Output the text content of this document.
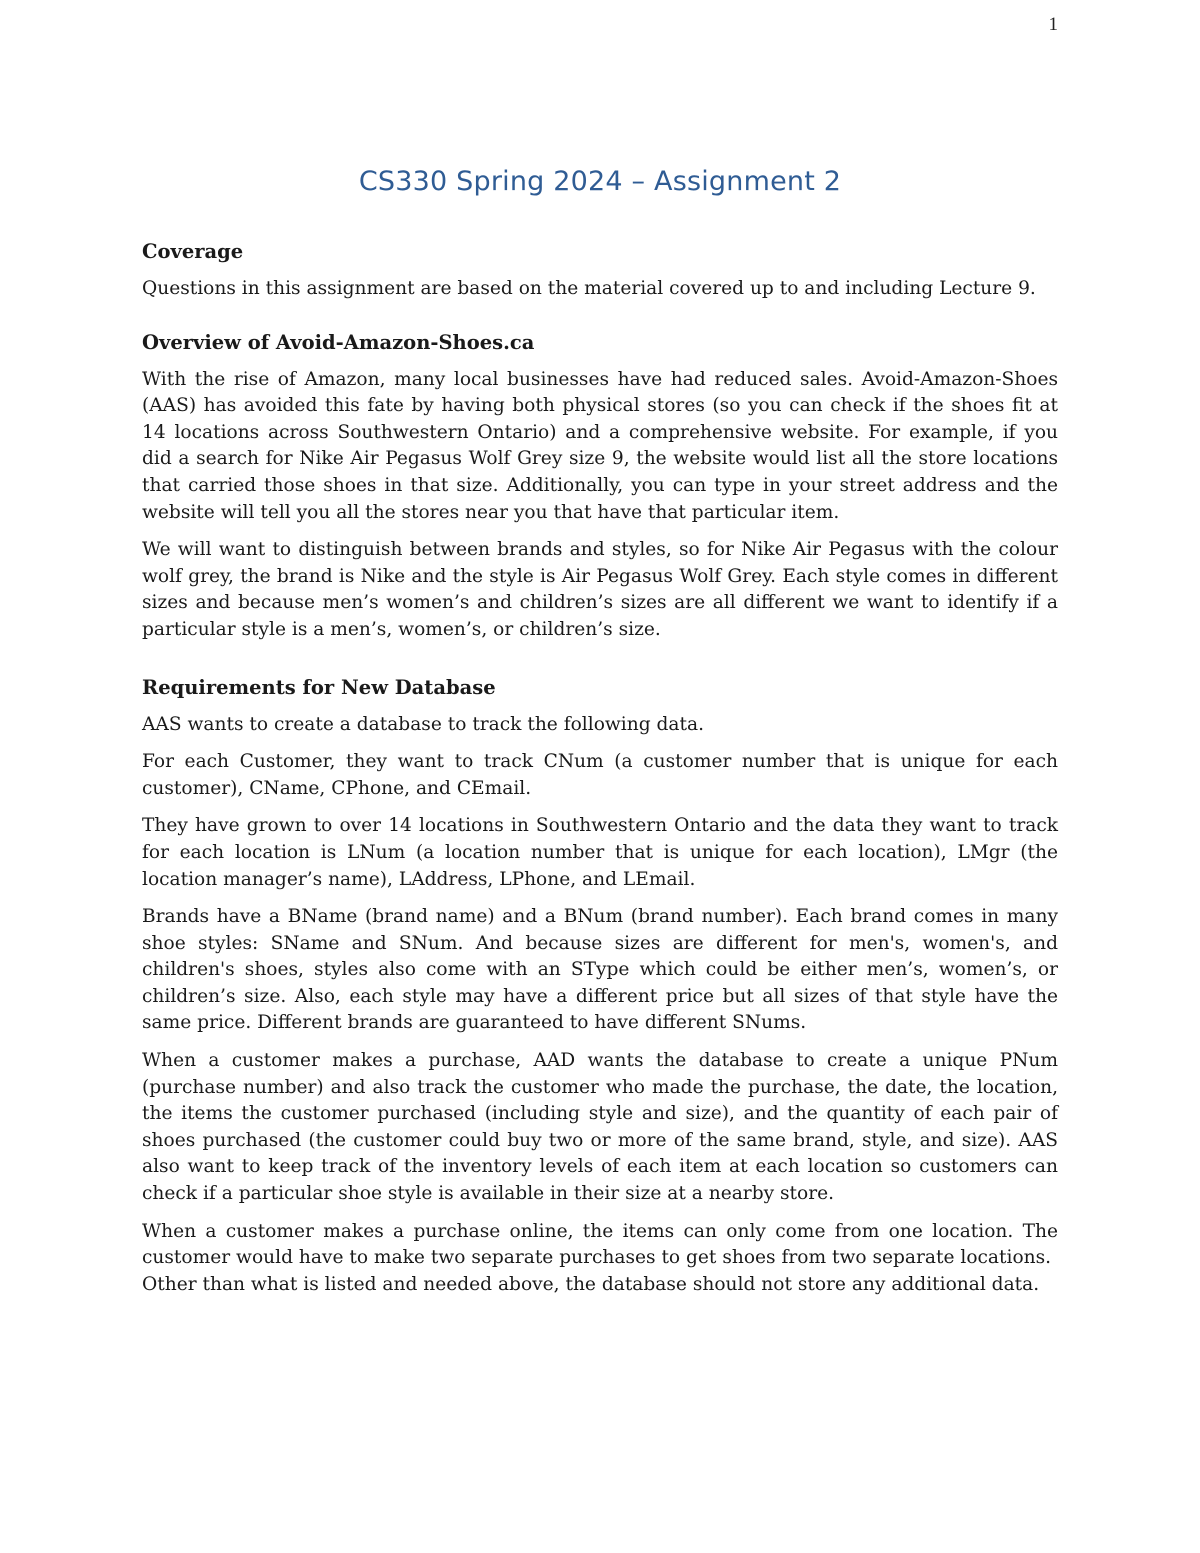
1
CS330 Spring 2024 – Assignment 2
Coverage

Questions in this assignment are based on the material covered up to and including Lecture 9.

Overview of Avoid-Amazon-Shoes.ca

With the rise of Amazon, many local businesses have had reduced sales. Avoid-Amazon-Shoes (AAS) has avoided this fate by having both physical stores (so you can check if the shoes fit at 14 locations across Southwestern Ontario) and a comprehensive website. For example, if you did a search for Nike Air Pegasus Wolf Grey size 9, the website would list all the store locations that carried those shoes in that size. Additionally, you can type in your street address and the website will tell you all the stores near you that have that particular item.

We will want to distinguish between brands and styles, so for Nike Air Pegasus with the colour wolf grey, the brand is Nike and the style is Air Pegasus Wolf Grey. Each style comes in different sizes and because men’s women’s and children’s sizes are all different we want to identify if a particular style is a men’s, women’s, or children’s size.

Requirements for New Database

AAS wants to create a database to track the following data.

For each Customer, they want to track CNum (a customer number that is unique for each customer), CName, CPhone, and CEmail.

They have grown to over 14 locations in Southwestern Ontario and the data they want to track for each location is LNum (a location number that is unique for each location), LMgr (the location manager’s name), LAddress, LPhone, and LEmail.

Brands have a BName (brand name) and a BNum (brand number). Each brand comes in many shoe styles: SName and SNum. And because sizes are different for men's, women's, and children's shoes, styles also come with an SType which could be either men’s, women’s, or children’s size. Also, each style may have a different price but all sizes of that style have the same price. Different brands are guaranteed to have different SNums.

When a customer makes a purchase, AAD wants the database to create a unique PNum (purchase number) and also track the customer who made the purchase, the date, the location, the items the customer purchased (including style and size), and the quantity of each pair of shoes purchased (the customer could buy two or more of the same brand, style, and size). AAS also want to keep track of the inventory levels of each item at each location so customers can check if a particular shoe style is available in their size at a nearby store.

When a customer makes a purchase online, the items can only come from one location. The customer would have to make two separate purchases to get shoes from two separate locations.

Other than what is listed and needed above, the database should not store any additional data.
